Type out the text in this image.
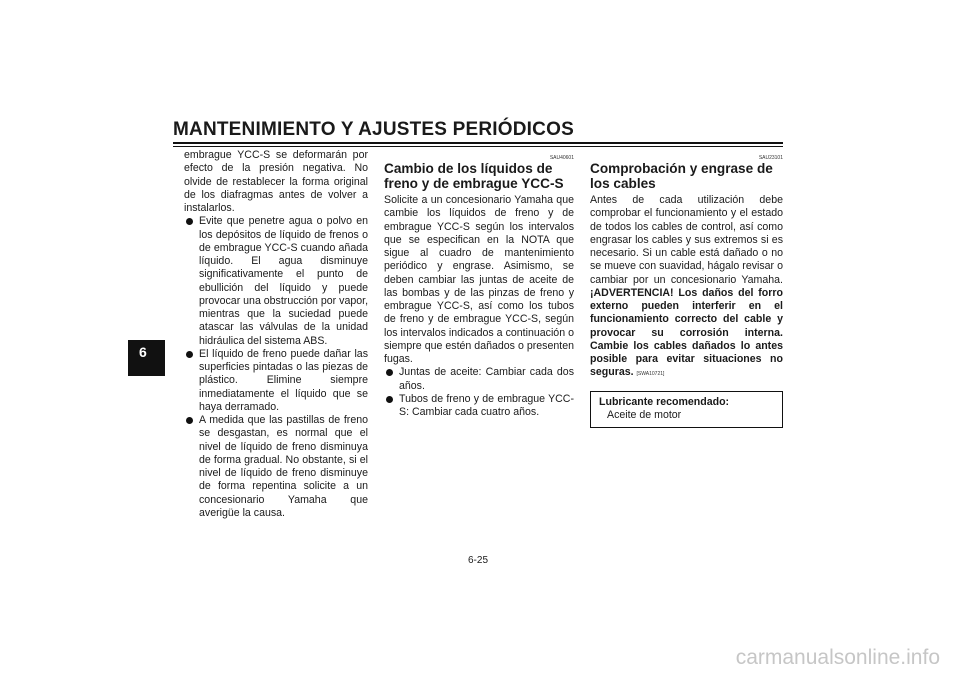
MANTENIMIENTO Y AJUSTES PERIÓDICOS
6

embrague YCC-S se deformarán por efecto de la presión negativa. No olvide de restablecer la forma original de los diafragmas antes de volver a instalarlos.

Evite que penetre agua o polvo en los depósitos de líquido de frenos o de embrague YCC-S cuando añada líquido. El agua disminuye significativamente el punto de ebullición del líquido y puede provocar una obstrucción por vapor, mientras que la suciedad puede atascar las válvulas de la unidad hidráulica del sistema ABS.

El líquido de freno puede dañar las superficies pintadas o las piezas de plástico. Elimine siempre inmediatamente el líquido que se haya derramado.

A medida que las pastillas de freno se desgastan, es normal que el nivel de líquido de freno disminuya de forma gradual. No obstante, si el nivel de líquido de freno disminuye de forma repentina solicite a un concesionario Yamaha que averigüe la causa.

SAU40601
Cambio de los líquidos de freno y de embrague YCC-S

Solicite a un concesionario Yamaha que cambie los líquidos de freno y de embrague YCC-S según los intervalos que se especifican en la NOTA que sigue al cuadro de mantenimiento periódico y engrase. Asimismo, se deben cambiar las juntas de aceite de las bombas y de las pinzas de freno y embrague YCC-S, así como los tubos de freno y de embrague YCC-S, según los intervalos indicados a continuación o siempre que estén dañados o presenten fugas.

Juntas de aceite: Cambiar cada dos años.

Tubos de freno y de embrague YCC-S: Cambiar cada cuatro años.

SAU23101
Comprobación y engrase de los cables

Antes de cada utilización debe comprobar el funcionamiento y el estado de todos los cables de control, así como engrasar los cables y sus extremos si es necesario. Si un cable está dañado o no se mueve con suavidad, hágalo revisar o cambiar por un concesionario Yamaha. ¡ADVERTENCIA! Los daños del forro externo pueden interferir en el funcionamiento correcto del cable y provocar su corrosión interna. Cambie los cables dañados lo antes posible para evitar situaciones no seguras. [SWA10721]

Lubricante recomendado:
Aceite de motor
6-25
carmanualsonline.info
